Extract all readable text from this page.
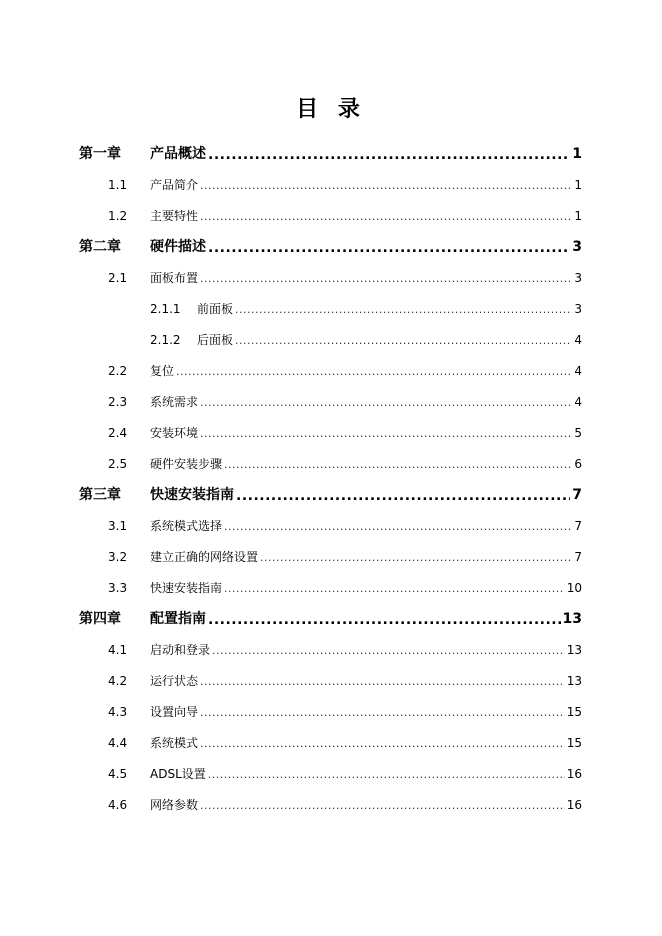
目 录
第一章 产品概述 .....	1
1.1 产品简介 .....	1
1.2 主要特性 .....	1
第二章 硬件描述 .....	3
2.1 面板布置 .....	3
2.1.1 前面板 .....	3
2.1.2 后面板 .....	4
2.2 复位 .....	4
2.3 系统需求 .....	4
2.4 安装环境 .....	5
2.5 硬件安装步骤 .....	6
第三章 快速安装指南 .....	7
3.1 系统模式选择 .....	7
3.2 建立正确的网络设置 .....	7
3.3 快速安装指南 .....	10
第四章 配置指南 .....	13
4.1 启动和登录 .....	13
4.2 运行状态 .....	13
4.3 设置向导 .....	15
4.4 系统模式 .....	15
4.5 ADSL设置 .....	16
4.6 网络参数 .....	16
